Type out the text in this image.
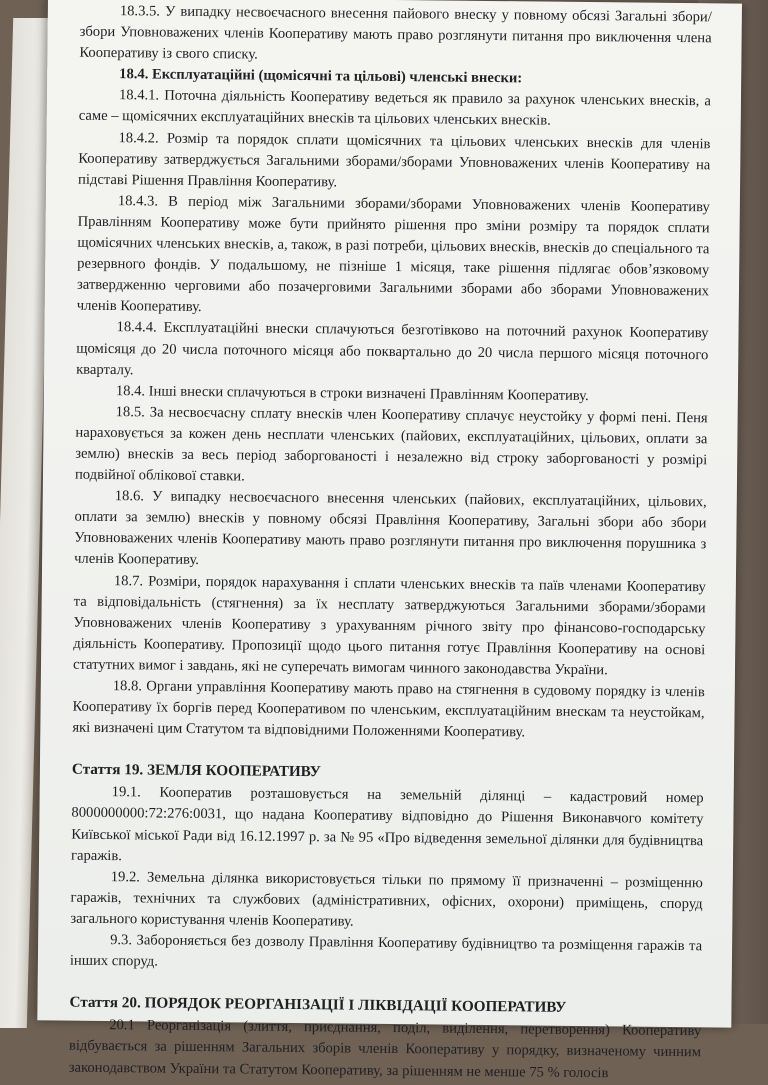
18.3.5. У випадку несвоєчасного внесення пайового внеску у повному обсязі Загальні збори/збори Уповноважених членів Кооперативу мають право розглянути питання про виключення члена Кооперативу із свого списку.

18.4. Експлуатаційні (щомісячні та цільові) членські внески:

18.4.1. Поточна діяльність Кооперативу ведеться як правило за рахунок членських внесків, а саме – щомісячних експлуатаційних внесків та цільових членських внесків.

18.4.2. Розмір та порядок сплати щомісячних та цільових членських внесків для членів Кооперативу затверджується Загальними зборами/зборами Уповноважених членів Кооперативу на підставі Рішення Правління Кооперативу.

18.4.3. В період між Загальними зборами/зборами Уповноважених членів Кооперативу Правлінням Кооперативу може бути прийнято рішення про зміни розміру та порядок сплати щомісячних членських внесків, а, також, в разі потреби, цільових внесків, внесків до спеціального та резервного фондів. У подальшому, не пізніше 1 місяця, таке рішення підлягає обов’язковому затвердженню черговими або позачерговими Загальними зборами або зборами Уповноважених членів Кооперативу.

18.4.4. Експлуатаційні внески сплачуються безготівково на поточний рахунок Кооперативу щомісяця до 20 числа поточного місяця або поквартально до 20 числа першого місяця поточного кварталу.

18.4. Інші внески сплачуються в строки визначені Правлінням Кооперативу.

18.5. За несвоєчасну сплату внесків член Кооперативу сплачує неустойку у формі пені. Пеня нараховується за кожен день несплати членських (пайових, експлуатаційних, цільових, оплати за землю) внесків за весь період заборгованості і незалежно від строку заборгованості у розмірі подвійної облікової ставки.

18.6. У випадку несвоєчасного внесення членських (пайових, експлуатаційних, цільових, оплати за землю) внесків у повному обсязі Правління Кооперативу, Загальні збори або збори Уповноважених членів Кооперативу мають право розглянути питання про виключення порушника з членів Кооперативу.

18.7. Розміри, порядок нарахування і сплати членських внесків та паїв членами Кооперативу та відповідальність (стягнення) за їх несплату затверджуються Загальними зборами/зборами Уповноважених членів Кооперативу з урахуванням річного звіту про фінансово-господарську діяльність Кооперативу. Пропозиції щодо цього питання готує Правління Кооперативу на основі статутних вимог і завдань, які не суперечать вимогам чинного законодавства України.

18.8. Органи управління Кооперативу мають право на стягнення в судовому порядку із членів Кооперативу їх боргів перед Кооперативом по членським, експлуатаційним внескам та неустойкам, які визначені цим Статутом та відповідними Положеннями Кооперативу.

Стаття 19. ЗЕМЛЯ КООПЕРАТИВУ

19.1. Кооператив розташовується на земельній ділянці – кадастровий номер 8000000000:72:276:0031, що надана Кооперативу відповідно до Рішення Виконавчого комітету Київської міської Ради від 16.12.1997 р. за № 95 «Про відведення земельної ділянки для будівництва гаражів.

19.2. Земельна ділянка використовується тільки по прямому її призначенні – розміщенню гаражів, технічних та службових (адміністративних, офісних, охорони) приміщень, споруд загального користування членів Кооперативу.

9.3. Забороняється без дозволу Правління Кооперативу будівництво та розміщення гаражів та інших споруд.

Стаття 20. ПОРЯДОК РЕОРГАНІЗАЦІЇ І ЛІКВІДАЦІЇ КООПЕРАТИВУ

20.1 Реорганізація (злиття, приєднання, поділ, виділення, перетворення) Кооперативу відбувається за рішенням Загальних зборів членів Кооперативу у порядку, визначеному чинним законодавством України та Статутом Кооперативу, за рішенням не менше 75 % голосів
